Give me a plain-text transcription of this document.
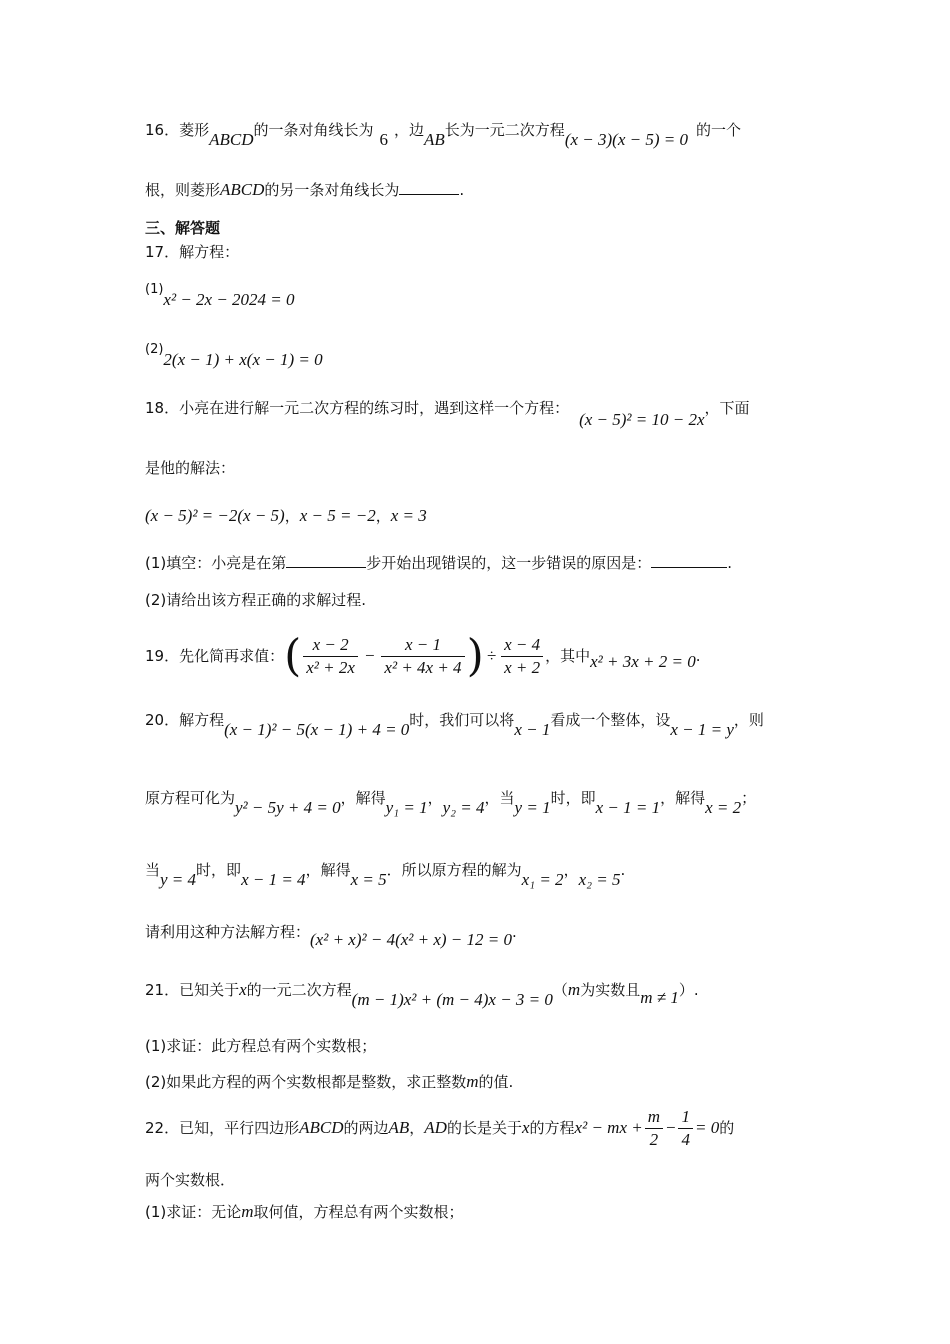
16．菱形ABCD的一条对角线长为 6 ，边AB长为一元二次方程(x − 3)(x − 5) = 0 的一个
根，则菱形ABCD的另一条对角线长为	.
三、解答题
17．解方程：
(1)x² − 2x − 2024 = 0
(2)2(x − 1) + x(x − 1) = 0
18．小亮在进行解一元二次方程的练习时，遇到这样一个方程：(x − 5)² = 10 − 2x，下面
是他的解法：
(x − 5)² = −2(x − 5)，x − 5 = −2，x = 3
(1)填空：小亮是在第	步开始出现错误的，这一步错误的原因是：	.
(2)请给出该方程正确的求解过程.
19．先化简再求值：( $\frac{x - 2}{\text{x² + 2x}} - \frac{x - 1}{\text{x² + 4x + 4}}$ ) ÷ $\frac{x - 4}{x + 2}$ ，其中x² + 3x + 2 = 0.
20．解方程(x − 1)² − 5(x − 1) + 4 = 0时，我们可以将x − 1看成一个整体，设x − 1 = y，则
原方程可化为y² − 5y + 4 = 0，解得y₁ = 1，y₂ = 4，当y = 1时，即x − 1 = 1，解得x = 2；
当y = 4时，即x − 1 = 4，解得x = 5．所以原方程的解为x₁ = 2，x₂ = 5.
请利用这种方法解方程：(x² + x)² − 4(x² + x) − 12 = 0.
21．已知关于x的一元二次方程(m − 1)x² + (m − 4)x − 3 = 0（m为实数且m ≠ 1）.
(1)求证：此方程总有两个实数根；
(2)如果此方程的两个实数根都是整数，求正整数m的值.
22．已知，平行四边形ABCD的两边AB，AD的长是关于x的方程x² − mx + $\frac{m}{2} - \frac{1}{4} = 0$的
两个实数根．
(1)求证：无论m取何值，方程总有两个实数根；
